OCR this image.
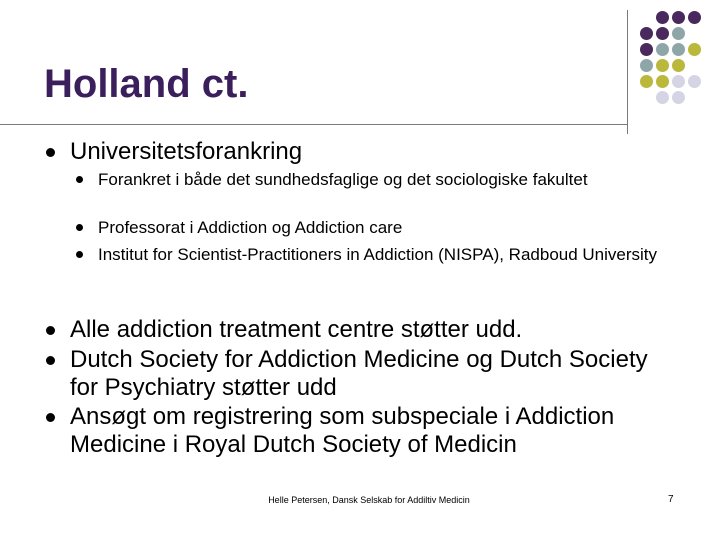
Holland ct.
Universitetsforankring
Forankret i både det sundhedsfaglige og det sociologiske fakultet
Professorat i Addiction og Addiction care
Institut for Scientist-Practitioners in Addiction (NISPA), Radboud University
Alle addiction treatment centre støtter udd.
Dutch Society for Addiction Medicine og Dutch Society for Psychiatry støtter udd
Ansøgt om registrering som subspeciale i Addiction Medicine i Royal Dutch Society of Medicin
Helle Petersen, Dansk Selskab for Addiltiv Medicin	7
